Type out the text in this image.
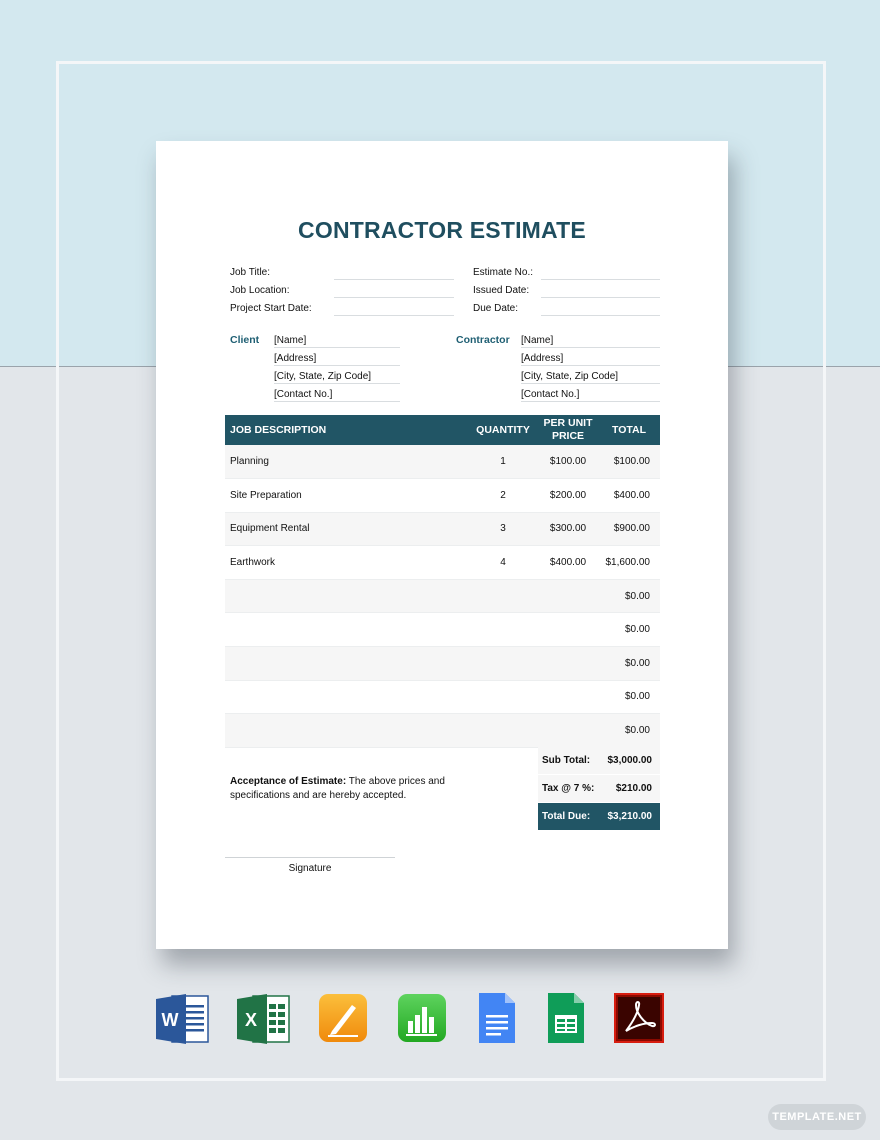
CONTRACTOR ESTIMATE
Job Title:
Job Location:
Project Start Date:
Estimate No.:
Issued Date:
Due Date:
Client [Name]
[Address]
[City, State, Zip Code]
[Contact No.]
Contractor [Name]
[Address]
[City, State, Zip Code]
[Contact No.]
JOB DESCRIPTION	QUANTITY	PER UNIT PRICE	TOTAL
Planning	1	$100.00	$100.00
Site Preparation	2	$200.00	$400.00
Equipment Rental	3	$300.00	$900.00
Earthwork	4	$400.00	$1,600.00
			$0.00
			$0.00
			$0.00
			$0.00
			$0.00
Sub Total:	$3,000.00
Tax @ 7 %:	$210.00
Total Due:	$3,210.00
Acceptance of Estimate: The above prices and specifications and are hereby accepted.
Signature
W	X
TEMPLATE.NET
